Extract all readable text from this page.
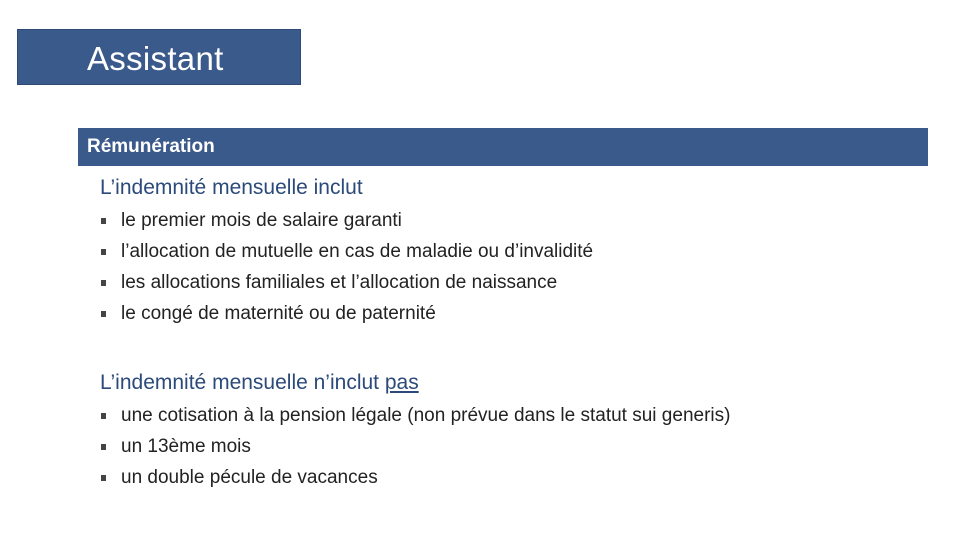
Assistant
Rémunération
L’indemnité mensuelle inclut
le premier mois de salaire garanti
l’allocation de mutuelle en cas de maladie ou d’invalidité
les allocations familiales et l’allocation de naissance
le congé de maternité ou de paternité
L’indemnité mensuelle n’inclut pas
une cotisation à la pension légale (non prévue dans le statut sui generis)
un 13ème mois
un double pécule de vacances
